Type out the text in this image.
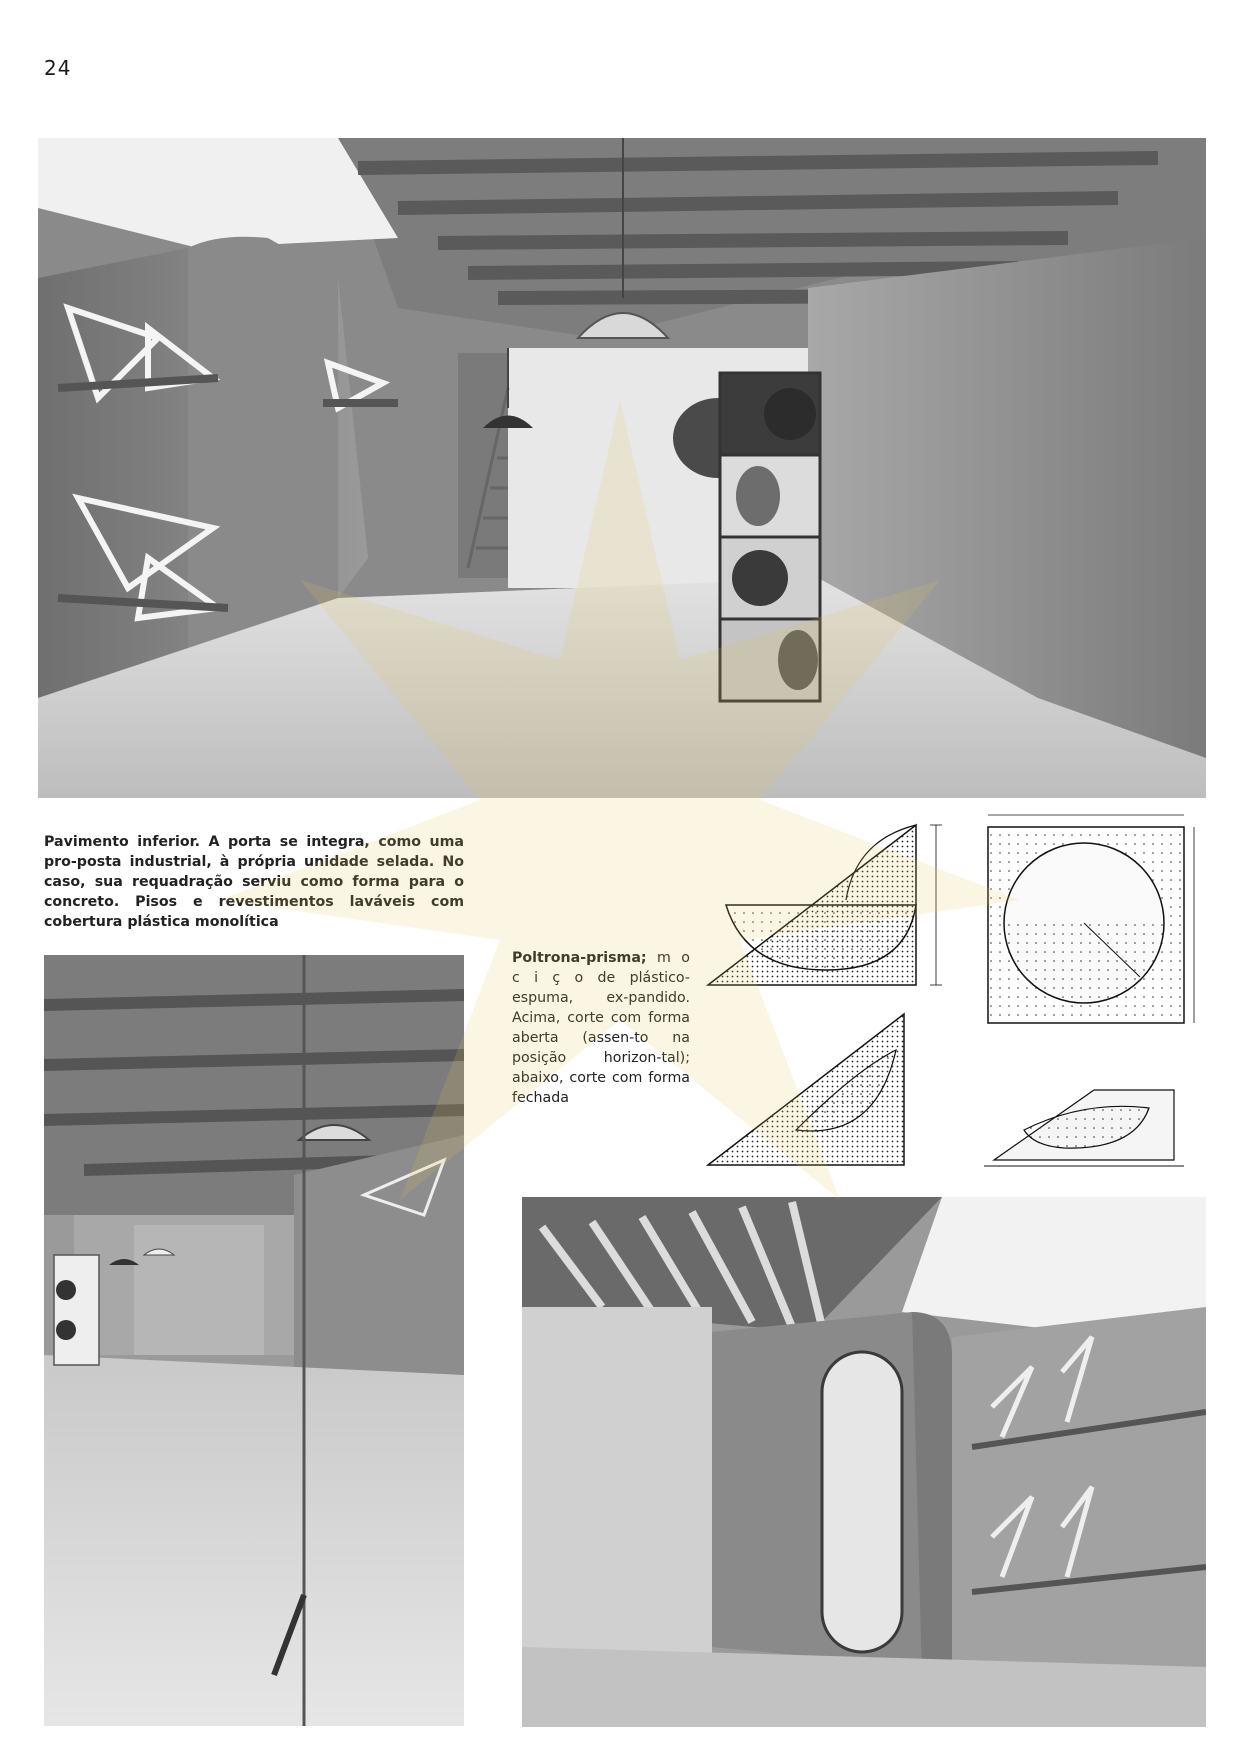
24
Pavimento inferior. A porta se integra, como uma pro-posta industrial, à própria unidade selada. No caso, sua requadração serviu como forma para o concreto. Pisos e revestimentos laváveis com cobertura plástica monolítica
Poltrona-prisma; m o c i ç o de plástico-espuma, ex-pandido. Acima, corte com forma aberta (assen-to na posição horizon-tal); abaixo, corte com forma fechada
